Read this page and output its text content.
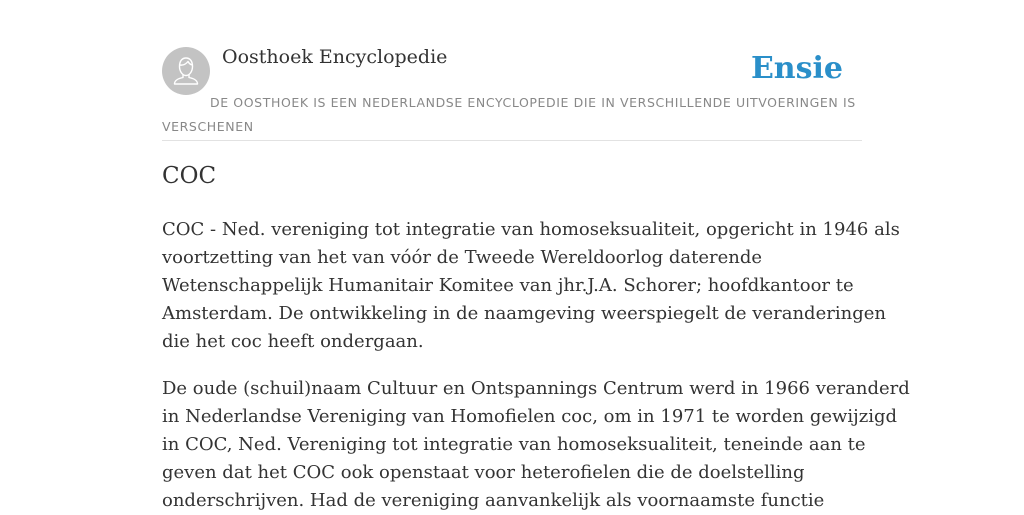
Oosthoek Encyclopedie	Ensie
DE OOSTHOEK IS EEN NEDERLANDSE ENCYCLOPEDIE DIE IN VERSCHILLENDE UITVOERINGEN IS VERSCHENEN
COC

COC - Ned. vereniging tot integratie van homoseksualiteit, opgericht in 1946 als
voortzetting van het van vóór de Tweede Wereldoorlog daterende
Wetenschappelijk Humanitair Komitee van jhr.J.A. Schorer; hoofdkantoor te
Amsterdam. De ontwikkeling in de naamgeving weerspiegelt de veranderingen
die het coc heeft ondergaan.

De oude (schuil)naam Cultuur en Ontspannings Centrum werd in 1966 veranderd
in Nederlandse Vereniging van Homofielen coc, om in 1971 te worden gewijzigd
in COC, Ned. Vereniging tot integratie van homoseksualiteit, teneinde aan te
geven dat het COC ook openstaat voor heterofielen die de doelstelling
onderschrijven. Had de vereniging aanvankelijk als voornaamste functie
